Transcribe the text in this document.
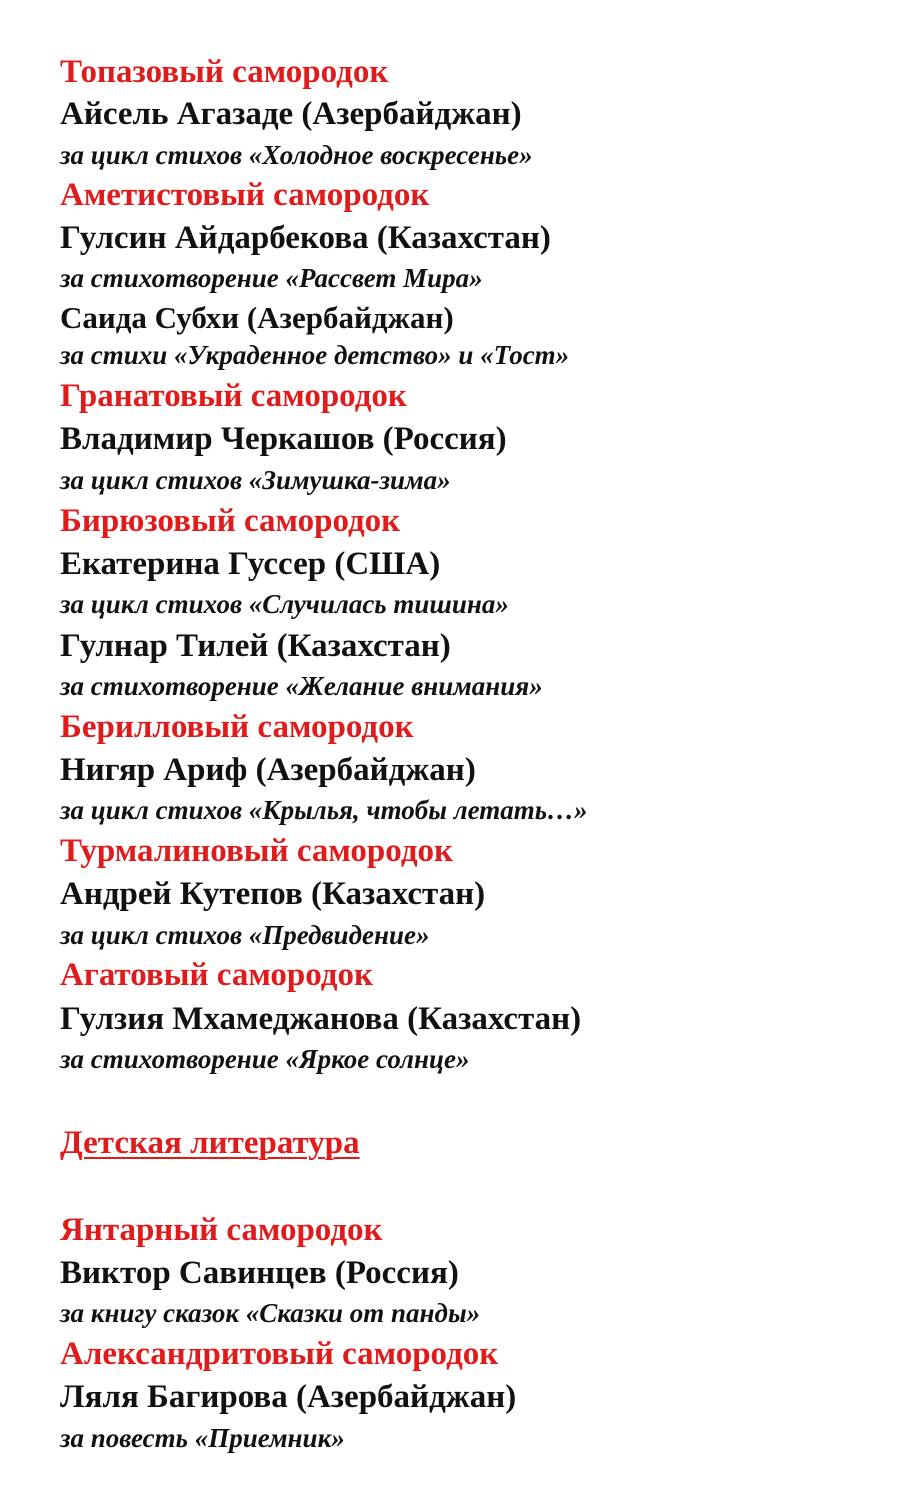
Топазовый самородок
Айсель Агазаде (Азербайджан)
за цикл стихов «Холодное воскресенье»
Аметистовый самородок
Гулсин Айдарбекова (Казахстан)
за стихотворение «Рассвет Мира»
Саида Субхи (Азербайджан)
за стихи «Украденное детство» и «Тост»
Гранатовый самородок
Владимир Черкашов (Россия)
за цикл стихов «Зимушка-зима»
Бирюзовый самородок
Екатерина Гуссер (США)
за цикл стихов «Случилась тишина»
Гулнар Тилей (Казахстан)
за стихотворение «Желание внимания»
Берилловый самородок
Нигяр Ариф (Азербайджан)
за цикл стихов «Крылья, чтобы летать…»
Турмалиновый самородок
Андрей Кутепов (Казахстан)
за цикл стихов «Предвидение»
Агатовый самородок
Гулзия Мхамеджанова (Казахстан)
за стихотворение «Яркое солнце»
Детская литература
Янтарный самородок
Виктор Савинцев (Россия)
за книгу сказок «Сказки от панды»
Александритовый самородок
Ляля Багирова (Азербайджан)
за повесть «Приемник»
